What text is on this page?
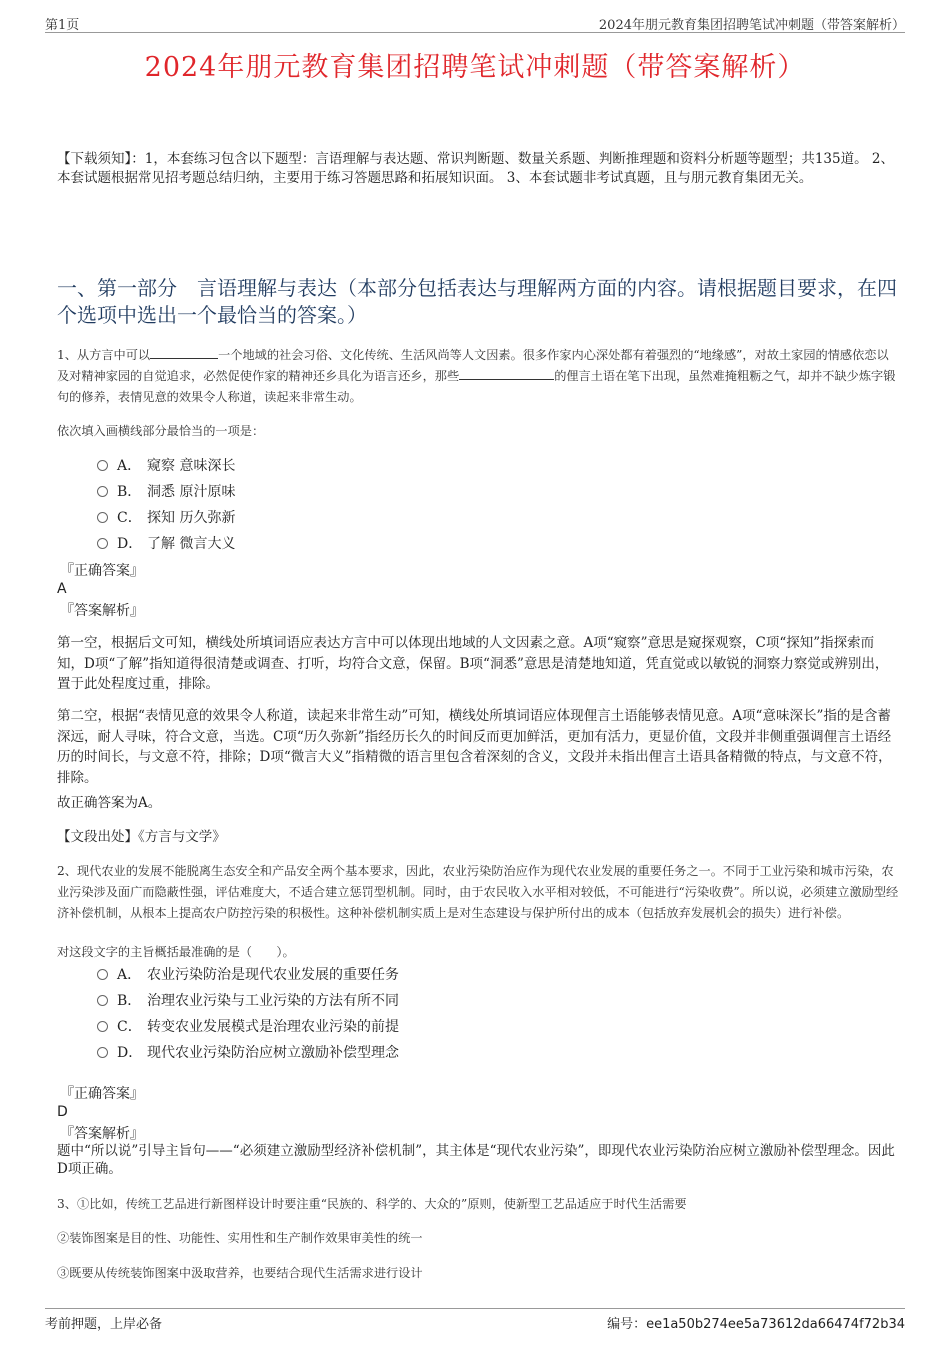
第1页	2024年朋元教育集团招聘笔试冲刺题（带答案解析）
2024年朋元教育集团招聘笔试冲刺题（带答案解析）
【下载须知】：1，本套练习包含以下题型：言语理解与表达题、常识判断题、数量关系题、判断推理题和资料分析题等题型；共135道。 2、本套试题根据常见招考题总结归纳，主要用于练习答题思路和拓展知识面。 3、本套试题非考试真题，且与朋元教育集团无关。
一、第一部分　言语理解与表达（本部分包括表达与理解两方面的内容。请根据题目要求，在四个选项中选出一个最恰当的答案。）
1、从方言中可以	一个地域的社会习俗、文化传统、生活风尚等人文因素。很多作家内心深处都有着强烈的“地缘感”，对故土家园的情感依恋以及对精神家园的自觉追求，必然促使作家的精神还乡具化为语言还乡，那些	的俚言土语在笔下出现，虽然难掩粗粝之气，却并不缺少炼字锻句的修养，表情见意的效果令人称道，读起来非常生动。
依次填入画横线部分最恰当的一项是：
A． 窥察 意味深长
B． 洞悉 原汁原味
C． 探知 历久弥新
D． 了解 微言大义
『正确答案』
A
『答案解析』
第一空，根据后文可知，横线处所填词语应表达方言中可以体现出地域的人文因素之意。A项“窥察”意思是窥探观察，C项“探知”指探索而知，D项“了解”指知道得很清楚或调查、打听，均符合文意，保留。B项“洞悉”意思是清楚地知道，凭直觉或以敏锐的洞察力察觉或辨别出，置于此处程度过重，排除。
第二空，根据“表情见意的效果令人称道，读起来非常生动”可知，横线处所填词语应体现俚言土语能够表情见意。A项“意味深长”指的是含蓄深远，耐人寻味，符合文意，当选。C项“历久弥新”指经历长久的时间反而更加鲜活，更加有活力，更显价值，文段并非侧重强调俚言土语经历的时间长，与文意不符，排除；D项“微言大义”指精微的语言里包含着深刻的含义，文段并未指出俚言土语具备精微的特点，与文意不符，排除。
故正确答案为A。
【文段出处】《方言与文学》
2、现代农业的发展不能脱离生态安全和产品安全两个基本要求，因此，农业污染防治应作为现代农业发展的重要任务之一。不同于工业污染和城市污染，农业污染涉及面广而隐蔽性强，评估难度大，不适合建立惩罚型机制。同时，由于农民收入水平相对较低，不可能进行“污染收费”。所以说，必须建立激励型经济补偿机制，从根本上提高农户防控污染的积极性。这种补偿机制实质上是对生态建设与保护所付出的成本（包括放弃发展机会的损失）进行补偿。
对这段文字的主旨概括最准确的是（　　）。
A． 农业污染防治是现代农业发展的重要任务
B． 治理农业污染与工业污染的方法有所不同
C． 转变农业发展模式是治理农业污染的前提
D． 现代农业污染防治应树立激励补偿型理念
『正确答案』
D
『答案解析』
题中“所以说”引导主旨句——“必须建立激励型经济补偿机制”，其主体是“现代农业污染”，即现代农业污染防治应树立激励补偿型理念。因此D项正确。
3、①比如，传统工艺品进行新图样设计时要注重“民族的、科学的、大众的”原则，使新型工艺品适应于时代生活需要
②装饰图案是目的性、功能性、实用性和生产制作效果审美性的统一
③既要从传统装饰图案中汲取营养，也要结合现代生活需求进行设计
考前押题，上岸必备	编号：ee1a50b274ee5a73612da66474f72b34
